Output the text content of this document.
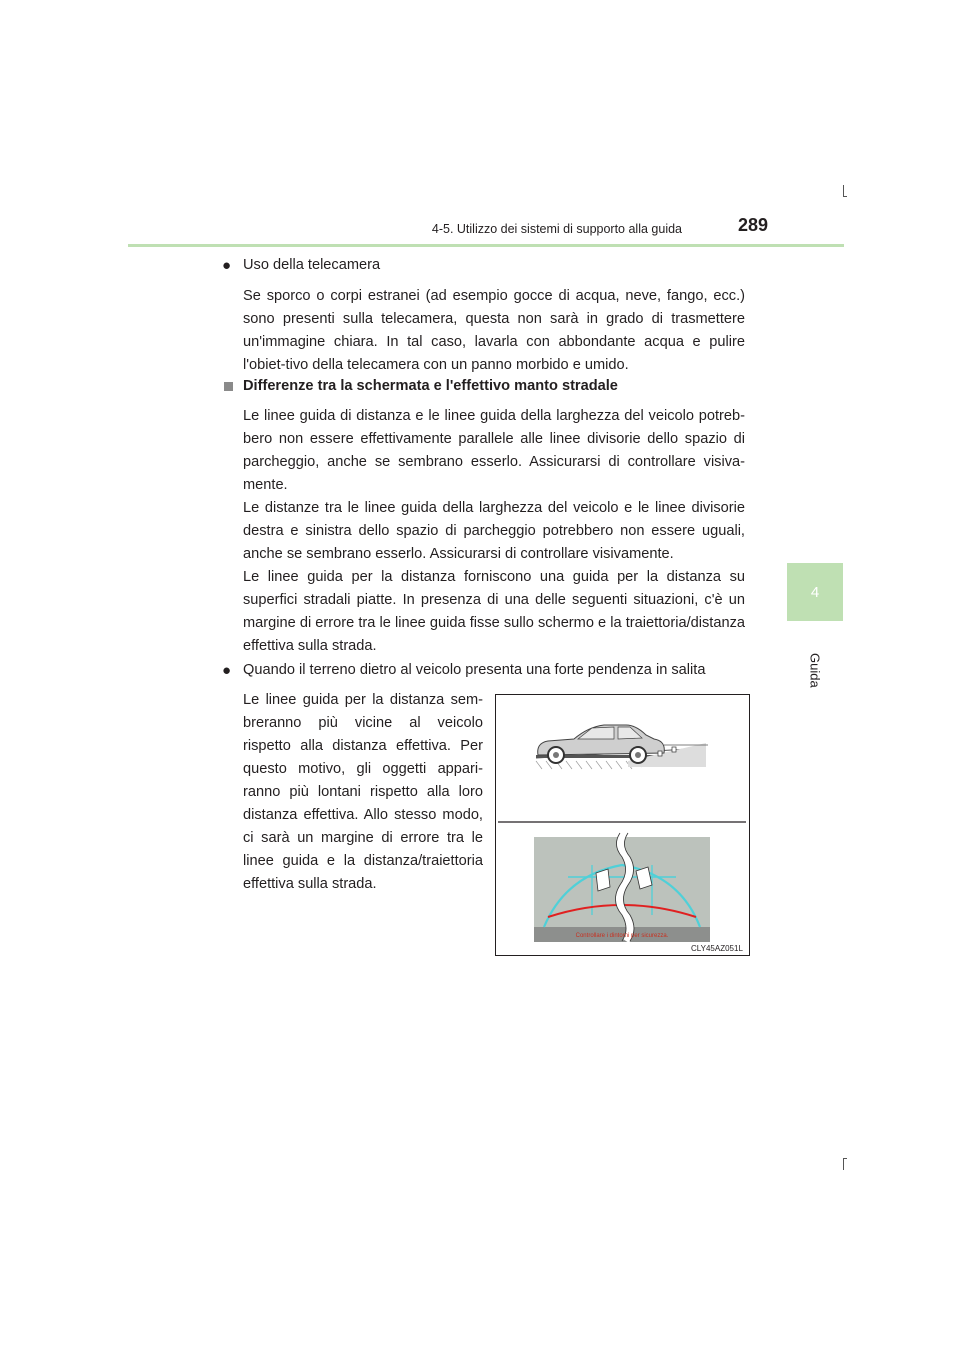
4-5. Utilizzo dei sistemi di supporto alla guida	289
4
Guida
● Uso della telecamera
Se sporco o corpi estranei (ad esempio gocce di acqua, neve, fango, ecc.) sono presenti sulla telecamera, questa non sarà in grado di trasmettere un'immagine chiara. In tal caso, lavarla con abbondante acqua e pulire l'obiet-tivo della telecamera con un panno morbido e umido.
Differenze tra la schermata e l'effettivo manto stradale
Le linee guida di distanza e le linee guida della larghezza del veicolo potreb-bero non essere effettivamente parallele alle linee divisorie dello spazio di parcheggio, anche se sembrano esserlo. Assicurarsi di controllare visiva-mente.
Le distanze tra le linee guida della larghezza del veicolo e le linee divisorie destra e sinistra dello spazio di parcheggio potrebbero non essere uguali, anche se sembrano esserlo. Assicurarsi di controllare visivamente.
Le linee guida per la distanza forniscono una guida per la distanza su superfici stradali piatte. In presenza di una delle seguenti situazioni, c'è un margine di errore tra le linee guida fisse sullo schermo e la traiettoria/distanza effettiva sulla strada.
● Quando il terreno dietro al veicolo presenta una forte pendenza in salita
Le linee guida per la distanza sem-breranno più vicine al veicolo rispetto alla distanza effettiva. Per questo motivo, gli oggetti appari-ranno più lontani rispetto alla loro distanza effettiva. Allo stesso modo, ci sarà un margine di errore tra le linee guida e la distanza/traiettoria effettiva sulla strada.
Controllare i dintorni per sicurezza.
CLY45AZ051L
